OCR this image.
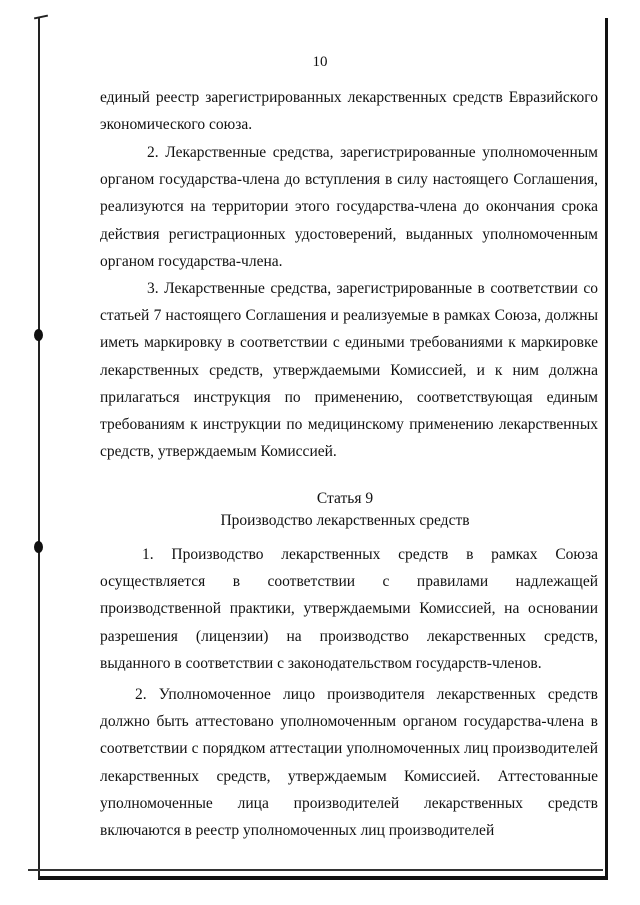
10

единый реестр зарегистрированных лекарственных средств Евразийского экономического союза.

2. Лекарственные средства, зарегистрированные уполномоченным органом государства-члена до вступления в силу настоящего Соглашения, реализуются на территории этого государства-члена до окончания срока действия регистрационных удостоверений, выданных уполномоченным органом государства-члена.

3. Лекарственные средства, зарегистрированные в соответствии со статьей 7 настоящего Соглашения и реализуемые в рамках Союза, должны иметь маркировку в соответствии с едиными требованиями к маркировке лекарственных средств, утверждаемыми Комиссией, и к ним должна прилагаться инструкция по применению, соответствующая единым требованиям к инструкции по медицинскому применению лекарственных средств, утверждаемым Комиссией.

Статья 9
Производство лекарственных средств

1. Производство лекарственных средств в рамках Союза осуществляется в соответствии с правилами надлежащей производственной практики, утверждаемыми Комиссией, на основании разрешения (лицензии) на производство лекарственных средств, выданного в соответствии с законодательством государств-членов.

2. Уполномоченное лицо производителя лекарственных средств должно быть аттестовано уполномоченным органом государства-члена в соответствии с порядком аттестации уполномоченных лиц производителей лекарственных средств, утверждаемым Комиссией. Аттестованные уполномоченные лица производителей лекарственных средств включаются в реестр уполномоченных лиц производителей
